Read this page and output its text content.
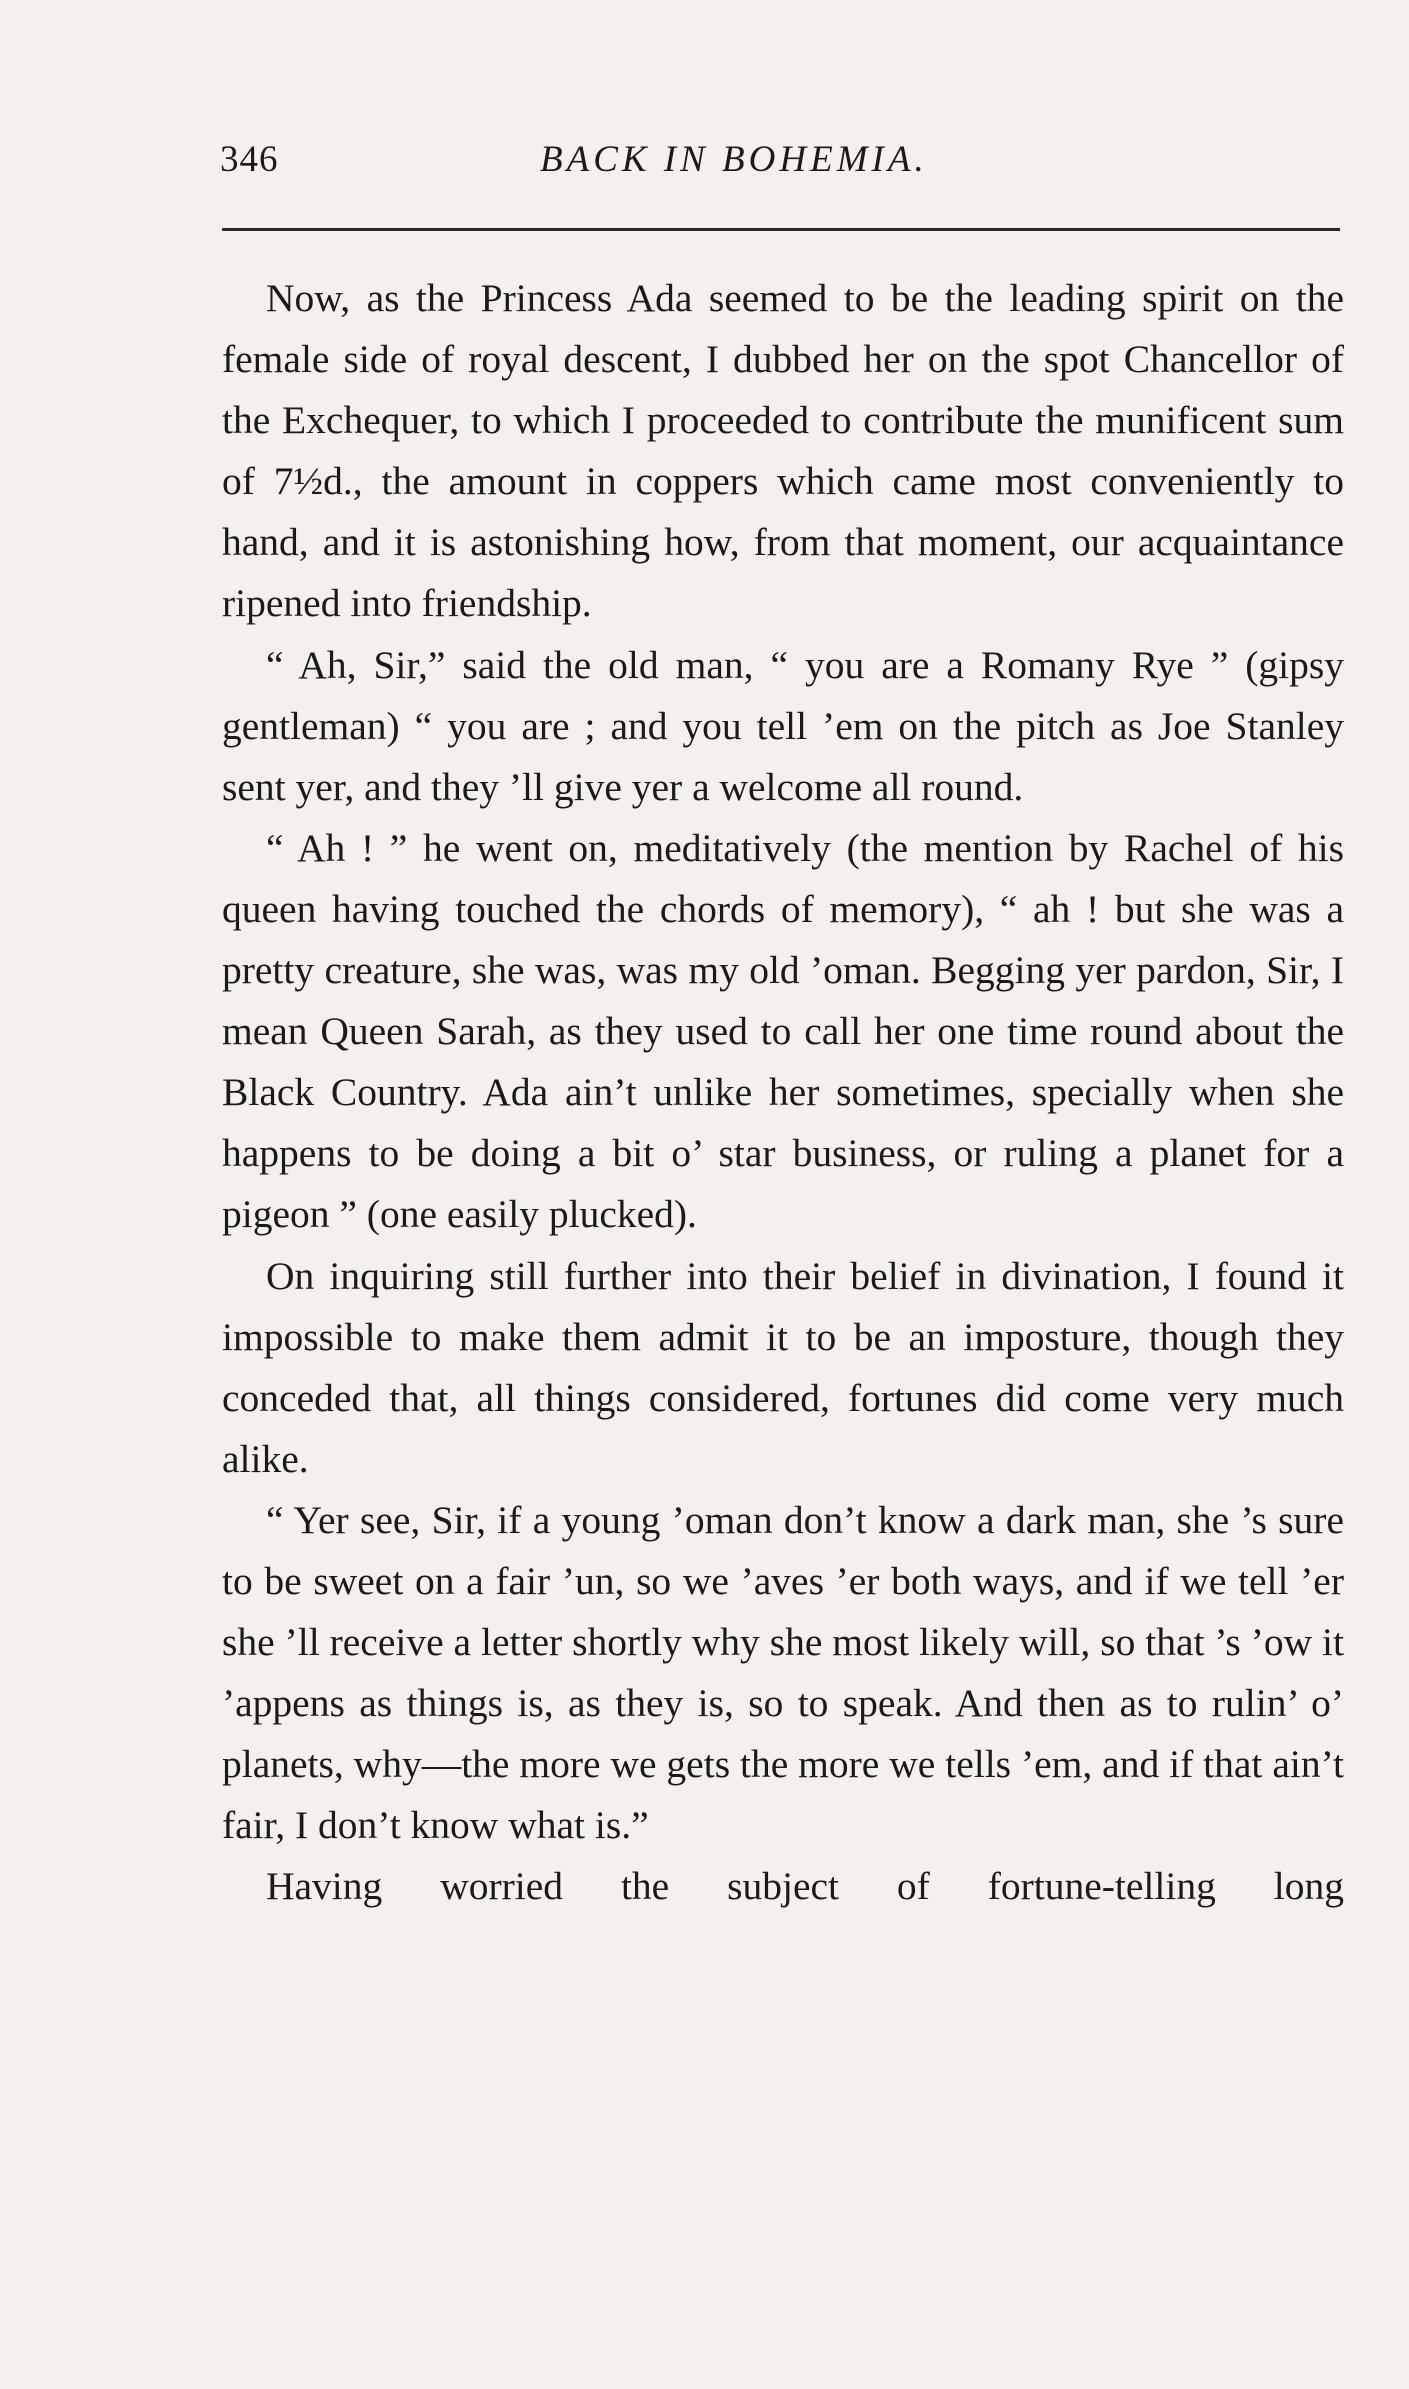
346	BACK IN BOHEMIA.

Now, as the Princess Ada seemed to be the leading spirit on the female side of royal descent, I dubbed her on the spot Chancellor of the Exchequer, to which I proceeded to contribute the munificent sum of 7½d., the amount in coppers which came most conveniently to hand, and it is astonishing how, from that moment, our acquaintance ripened into friendship.

“ Ah, Sir,” said the old man, “ you are a Romany Rye ” (gipsy gentleman) “ you are ; and you tell ’em on the pitch as Joe Stanley sent yer, and they ’ll give yer a welcome all round.

“ Ah ! ” he went on, meditatively (the mention by Rachel of his queen having touched the chords of memory), “ ah ! but she was a pretty creature, she was, was my old ’oman. Begging yer pardon, Sir, I mean Queen Sarah, as they used to call her one time round about the Black Country. Ada ain’t unlike her sometimes, specially when she happens to be doing a bit o’ star business, or ruling a planet for a pigeon ” (one easily plucked).

On inquiring still further into their belief in divination, I found it impossible to make them admit it to be an imposture, though they conceded that, all things considered, fortunes did come very much alike.

“ Yer see, Sir, if a young ’oman don’t know a dark man, she ’s sure to be sweet on a fair ’un, so we ’aves ’er both ways, and if we tell ’er she ’ll receive a letter shortly why she most likely will, so that ’s ’ow it ’appens as things is, as they is, so to speak. And then as to rulin’ o’ planets, why—the more we gets the more we tells ’em, and if that ain’t fair, I don’t know what is.”

Having worried the subject of fortune-telling long
